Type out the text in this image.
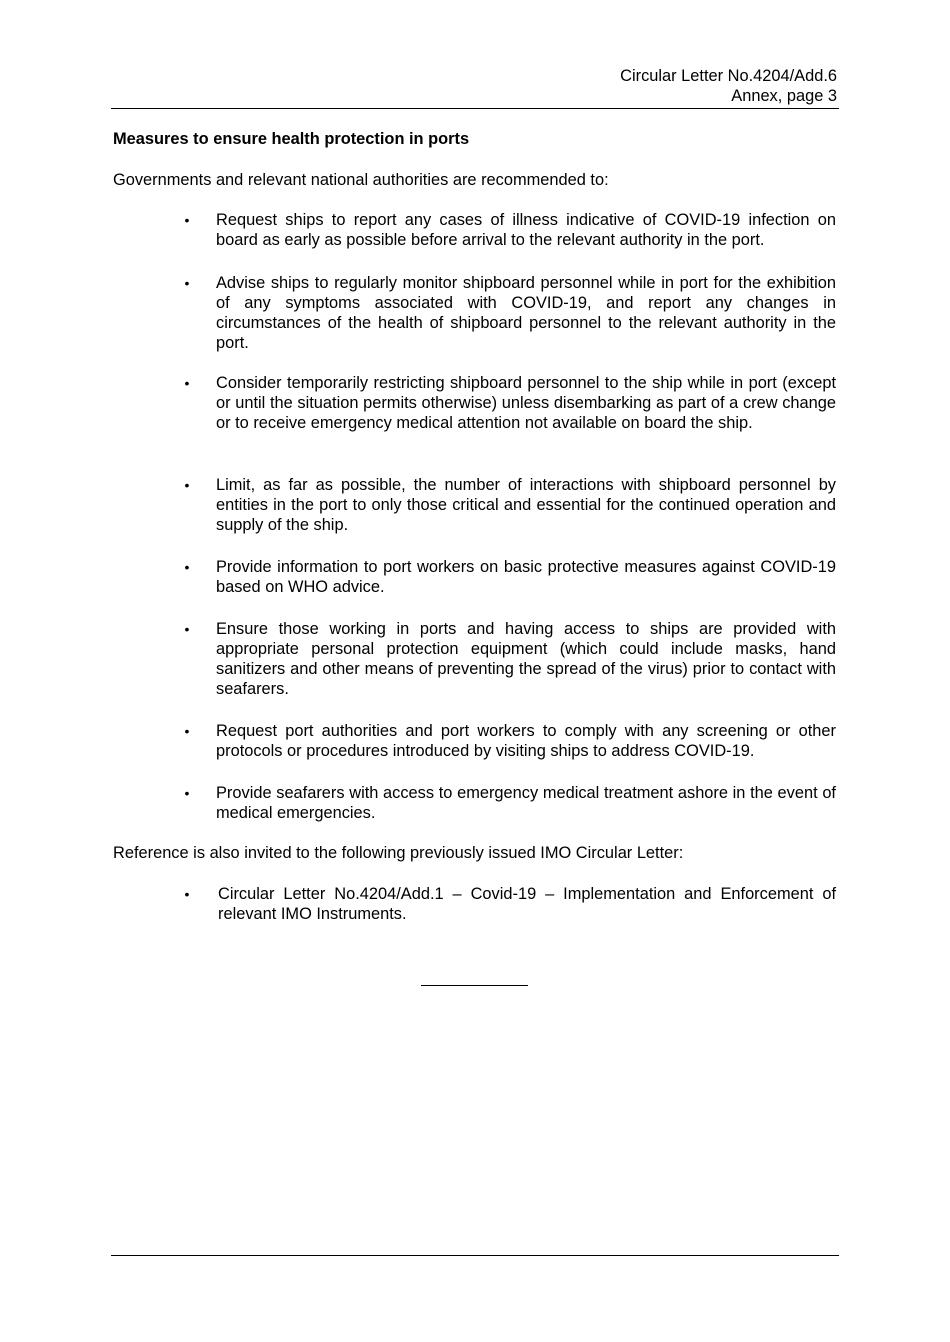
Circular Letter No.4204/Add.6
Annex, page 3
Measures to ensure health protection in ports
Governments and relevant national authorities are recommended to:
• Request ships to report any cases of illness indicative of COVID-19 infection on board as early as possible before arrival to the relevant authority in the port.
• Advise ships to regularly monitor shipboard personnel while in port for the exhibition of any symptoms associated with COVID-19, and report any changes in circumstances of the health of shipboard personnel to the relevant authority in the port.
• Consider temporarily restricting shipboard personnel to the ship while in port (except or until the situation permits otherwise) unless disembarking as part of a crew change or to receive emergency medical attention not available on board the ship.
• Limit, as far as possible, the number of interactions with shipboard personnel by entities in the port to only those critical and essential for the continued operation and supply of the ship.
• Provide information to port workers on basic protective measures against COVID-19 based on WHO advice.
• Ensure those working in ports and having access to ships are provided with appropriate personal protection equipment (which could include masks, hand sanitizers and other means of preventing the spread of the virus) prior to contact with seafarers.
• Request port authorities and port workers to comply with any screening or other protocols or procedures introduced by visiting ships to address COVID-19.
• Provide seafarers with access to emergency medical treatment ashore in the event of medical emergencies.
Reference is also invited to the following previously issued IMO Circular Letter:
• Circular Letter No.4204/Add.1 – Covid-19 – Implementation and Enforcement of relevant IMO Instruments.
